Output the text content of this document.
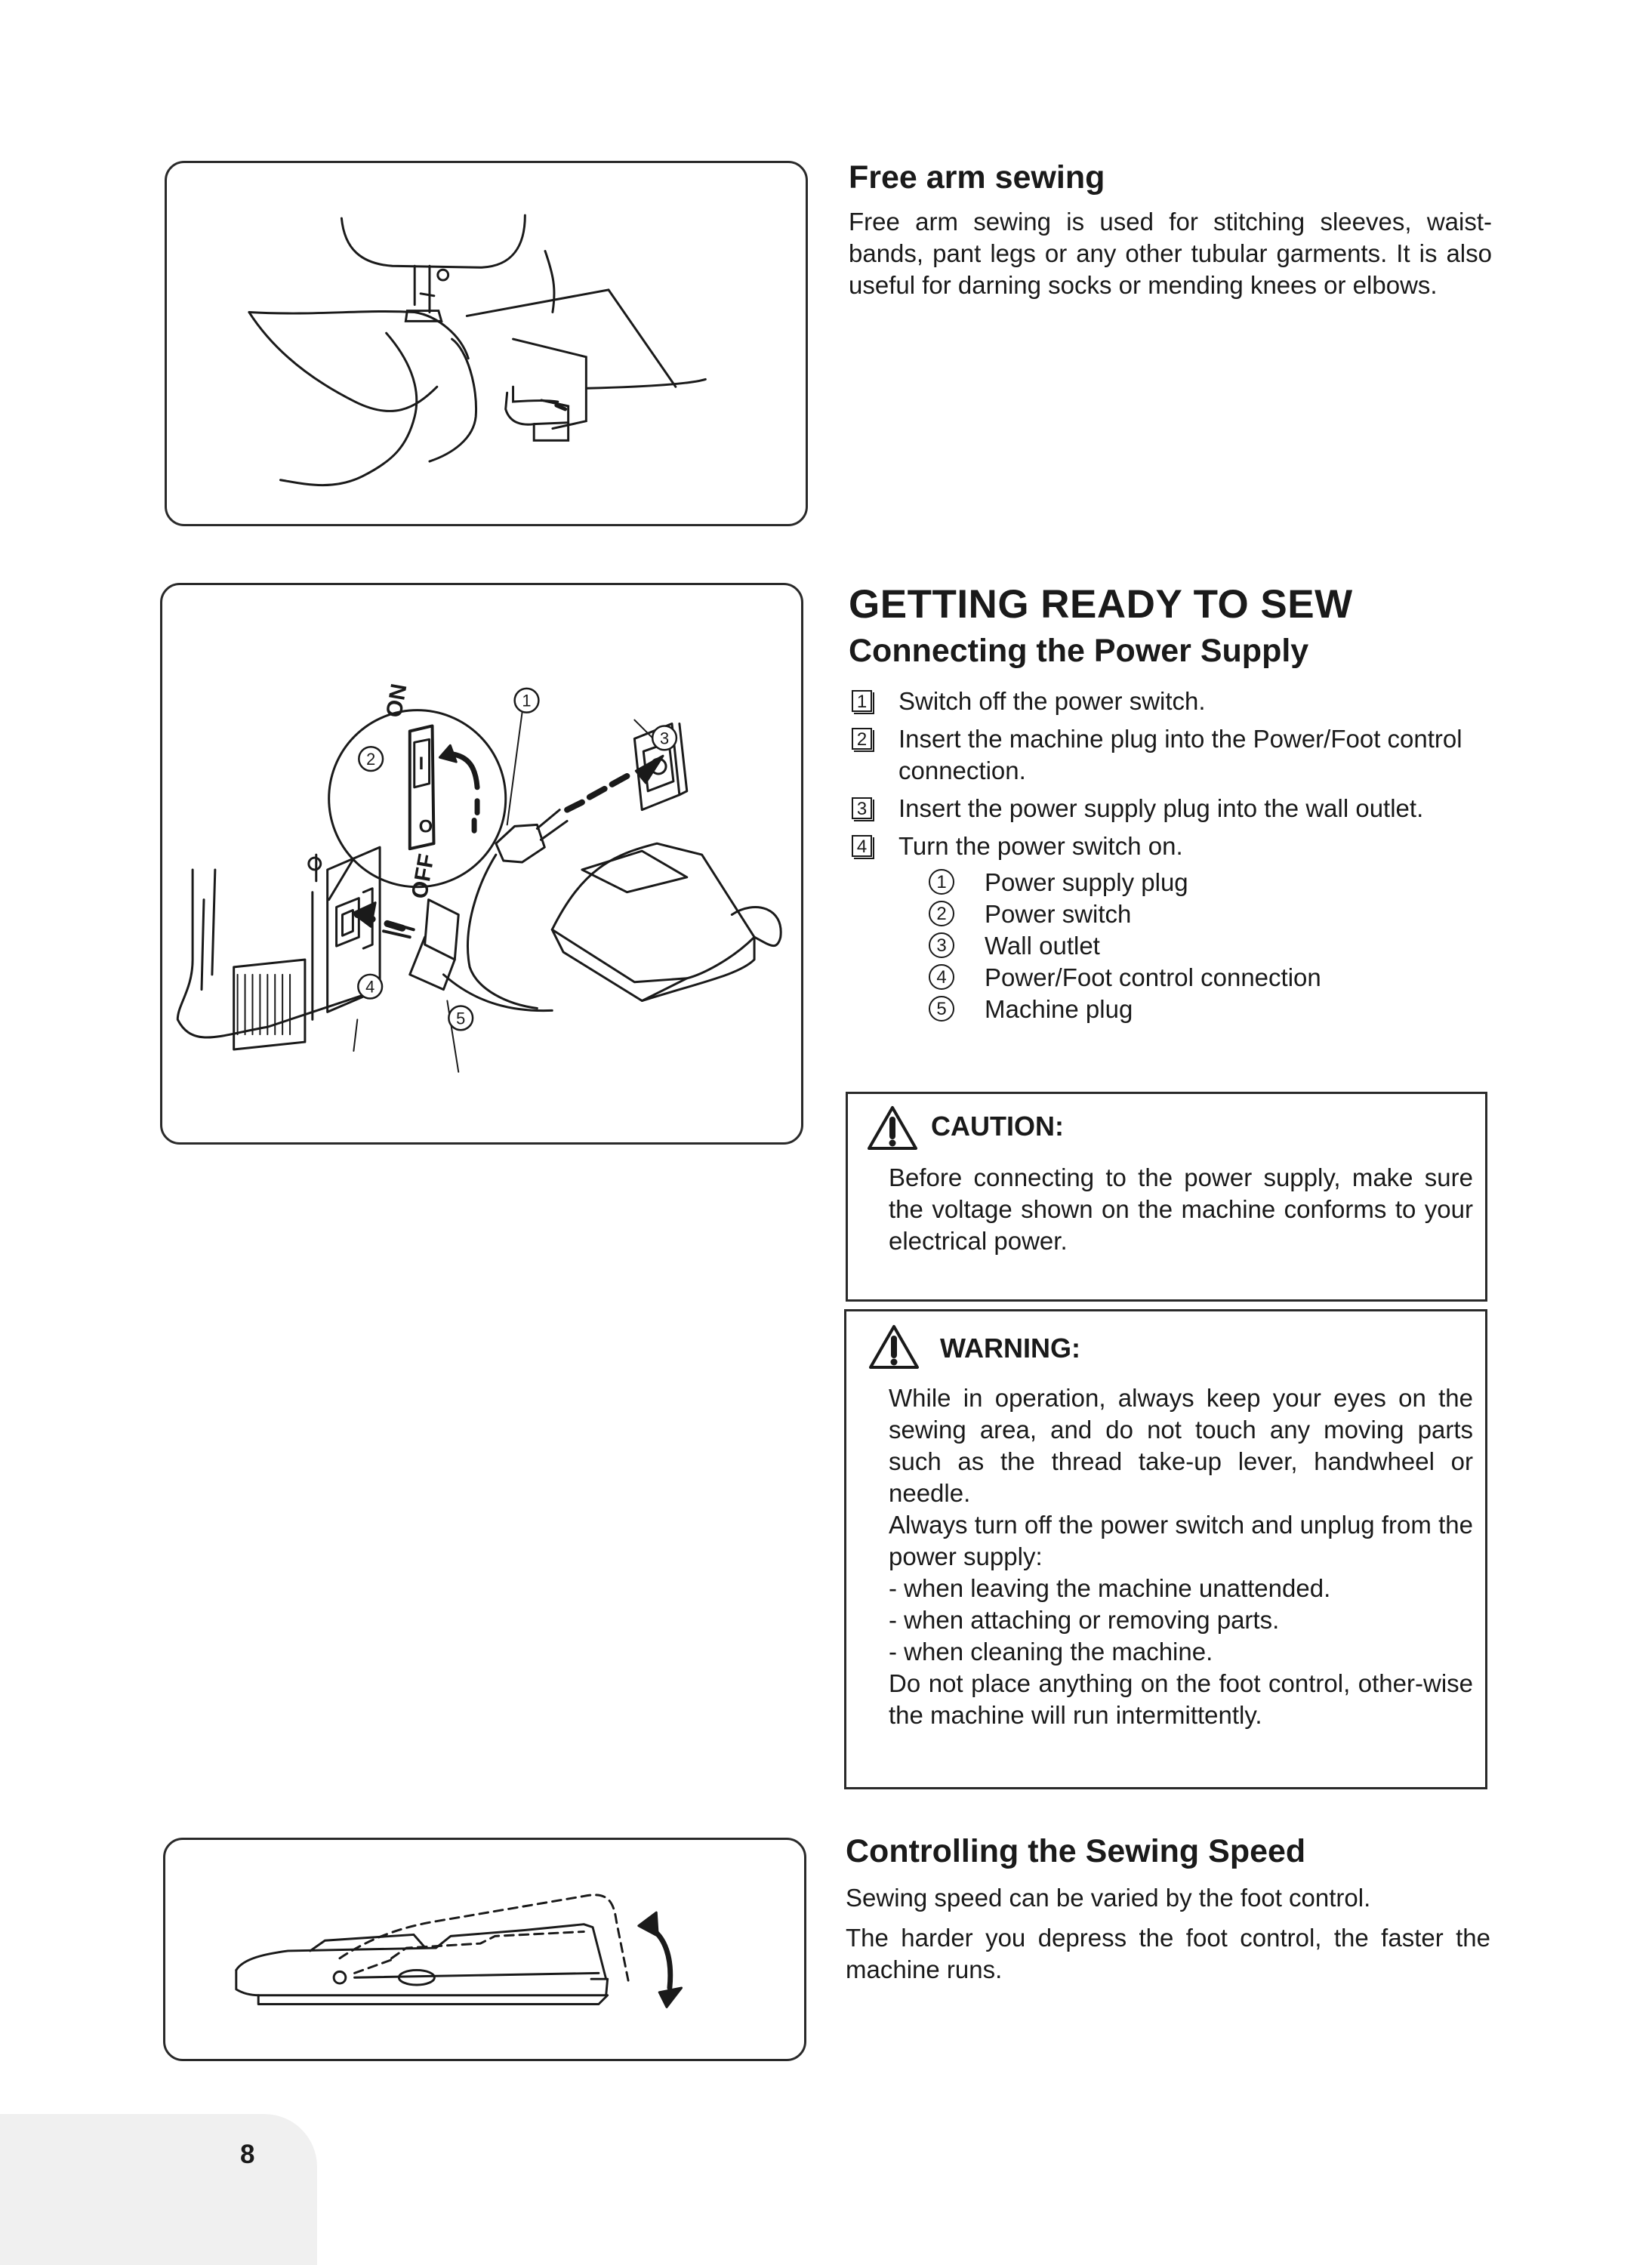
Free arm sewing

Free arm sewing is used for stitching sleeves, waist-bands, pant legs or any other tubular garments. It is also useful for darning socks or mending knees or elbows.

ON
OFF
I
O
1
2
3
4
5
GETTING READY TO SEW
Connecting the Power Supply
1 Switch off the power switch.
2 Insert the machine plug into the Power/Foot control connection.
3 Insert the power supply plug into the wall outlet.
4 Turn the power switch on.
1	Power supply plug
2	Power switch
3	Wall outlet
4	Power/Foot control connection
5	Machine plug
CAUTION:
Before connecting to the power supply, make sure the voltage shown on the machine conforms to your electrical power.
WARNING:
While in operation, always keep your eyes on the sewing area, and do not touch any moving parts such as the thread take-up lever, handwheel or needle.
Always turn off the power switch and unplug from the power supply:
- when leaving the machine unattended.
- when attaching or removing parts.
- when cleaning the machine.
Do not place anything on the foot control, other-wise the machine will run intermittently.
Controlling the Sewing Speed

Sewing speed can be varied by the foot control.

The harder you depress the foot control, the faster the machine runs.

8
